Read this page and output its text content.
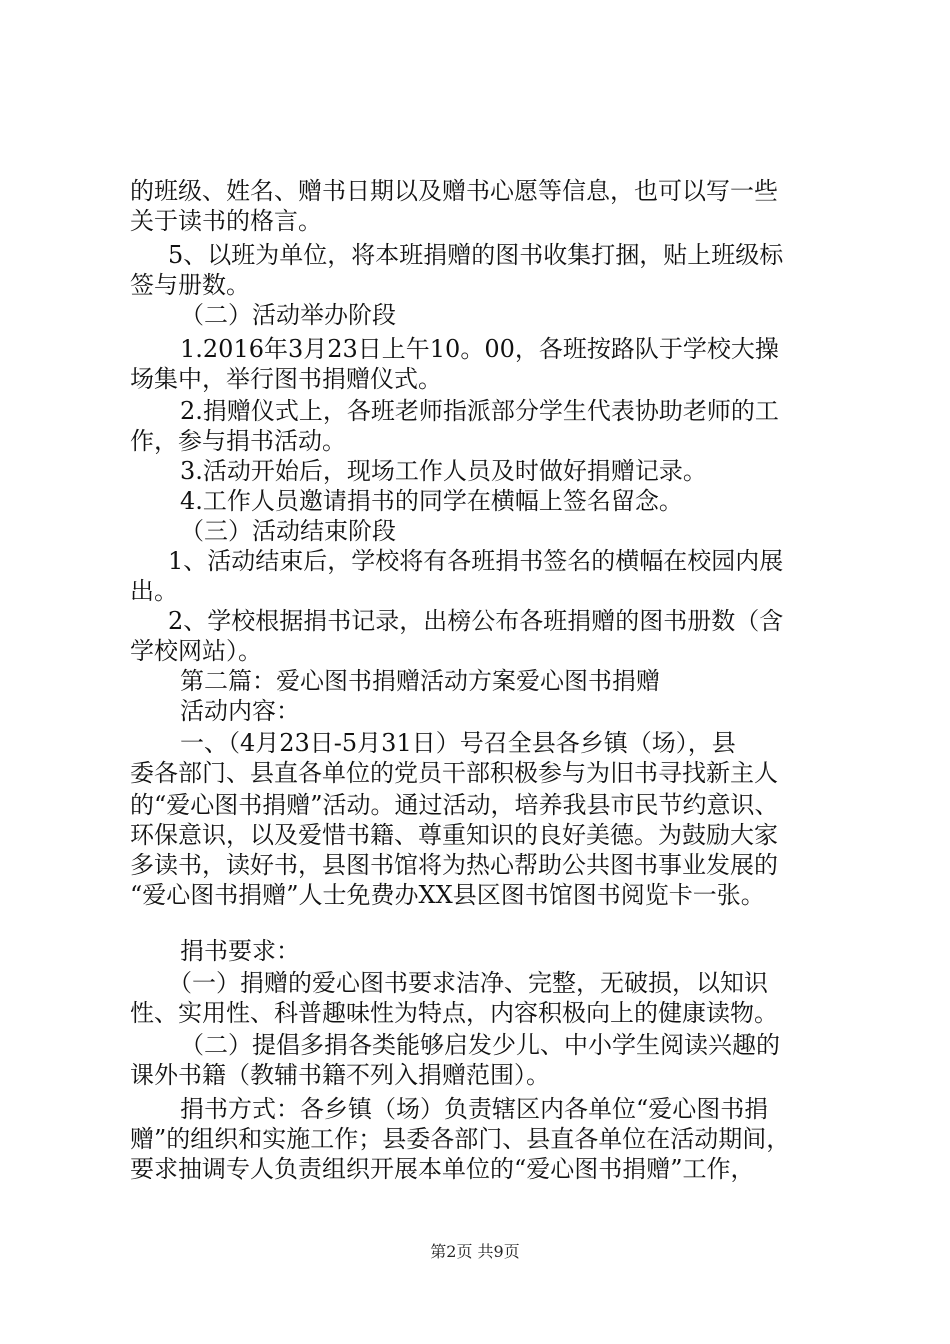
的班级、姓名、赠书日期以及赠书心愿等信息，也可以写一些
关于读书的格言。
5、以班为单位，将本班捐赠的图书收集打捆，贴上班级标
签与册数。
（二）活动举办阶段
1.2016年3月23日上午10。00，各班按路队于学校大操
场集中，举行图书捐赠仪式。
2.捐赠仪式上，各班老师指派部分学生代表协助老师的工
作，参与捐书活动。
3.活动开始后，现场工作人员及时做好捐赠记录。
4.工作人员邀请捐书的同学在横幅上签名留念。
（三）活动结束阶段
1、活动结束后，学校将有各班捐书签名的横幅在校园内展
出。
2、学校根据捐书记录，出榜公布各班捐赠的图书册数（含
学校网站）。
第二篇：爱心图书捐赠活动方案爱心图书捐赠
活动内容：
一、（4月23日-5月31日）号召全县各乡镇（场），县
委各部门、县直各单位的党员干部积极参与为旧书寻找新主人
的“爱心图书捐赠”活动。通过活动，培养我县市民节约意识、
环保意识，以及爱惜书籍、尊重知识的良好美德。为鼓励大家
多读书，读好书，县图书馆将为热心帮助公共图书事业发展的
“爱心图书捐赠”人士免费办XX县区图书馆图书阅览卡一张。
捐书要求：
（一）捐赠的爱心图书要求洁净、完整，无破损，以知识
性、实用性、科普趣味性为特点，内容积极向上的健康读物。
（二）提倡多捐各类能够启发少儿、中小学生阅读兴趣的
课外书籍（教辅书籍不列入捐赠范围）。
捐书方式：各乡镇（场）负责辖区内各单位“爱心图书捐
赠”的组织和实施工作；县委各部门、县直各单位在活动期间，
要求抽调专人负责组织开展本单位的“爱心图书捐赠”工作，
第2页 共9页
